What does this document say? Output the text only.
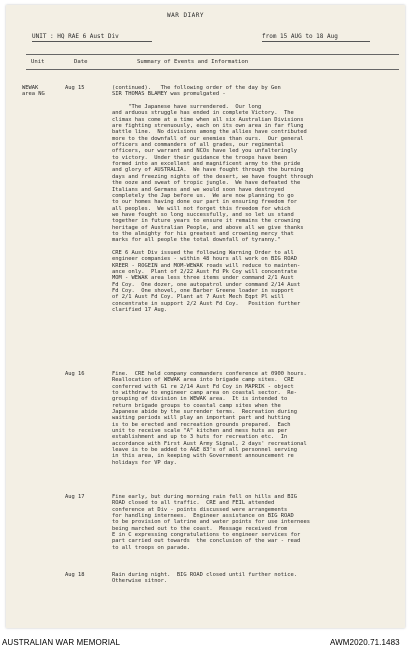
WAR DIARY
UNIT : HQ RAE 6 Aust Div	from 15 AUG to 18 Aug
Unit	Date	Summary of Events and Information
WEWAK
area NG
Aug 15	(continued).   The following order of the day by Gen
SIR THOMAS BLAMEY was promulgated -

"The Japanese have surrendered.  Our long
and arduous struggle has ended in complete Victory.  The
climax has come at a time when all six Australian Divisions
are fighting strenuously, each on its own area in far flung
battle line.  No divisions among the allies have contributed
more to the downfall of our enemies than ours.  Our general
officers and commanders of all grades, our regimental
officers, our warrant and NCOs have led you unfalteringly
to victory.  Under their guidance the troops have been
formed into an excellent and magnificent army to the pride
and glory of AUSTRALIA.  We have fought through the burning
days and freezing nights of the desert, we have fought through
the ooze and sweat of tropic jungle.  We have defeated the
Italians and Germans and we would soon have destroyed
completely the Jap before us.  We are now planning to go
to our homes having done our part in ensuring freedom for
all peoples.  We will not forget this freedom for which
we have fought so long successfully, and so let us stand
together in future years to ensure it remains the crowning
heritage of Australian People, and above all we give thanks
to the almighty for his greatest and crowning mercy that
marks for all people the total downfall of tyranny."

CRE 6 Aust Div issued the following Warning Order to all
engineer companies - within 48 hours all work on BIG ROAD
KREER - ROGEIN and MOM-WEWAK roads will reduce to mainten-
ance only.  Plant of 2/22 Aust Fd Pk Coy will concentrate
MOM - WEWAK area less three items under command 2/1 Aust
Fd Coy.  One dozer, one autopatrol under command 2/14 Aust
Fd Coy.  One shovel, one Barber Greene loader in support
of 2/1 Aust Fd Coy. Plant at 7 Aust Mech Eqpt Pl will
concentrate in support 2/2 Aust Fd Coy.   Position further
clarified 17 Aug.
Aug 16	Fine.  CRE held company commanders conference at 0900 hours.
Reallocation of WEWAK area into brigade camp sites.  CRE
conferred with G1 re 2/14 Aust Fd Coy in MAPRIK - object
to withdraw to engineer camp area on coastal sector.  Re-
grouping of division in WEWAK area.  It is intended to
return brigade groups to coastal camp sites when the
Japanese abide by the surrender terms.  Recreation during
waiting periods will play an important part and hutting
is to be erected and recreation grounds prepared.  Each
unit to receive scale "A" kitchen and mess huts as per
establishment and up to 3 huts for recreation etc.  In
accordance with First Aust Army Signal, 2 days' recreational
leave is to be added to A&E 83's of all personnel serving
in this area, in keeping with Government announcement re
holidays for VP day.
Aug 17	Fine early, but during morning rain fell on hills and BIG
ROAD closed to all traffic.  CRE and FEIL attended
conference at Div - points discussed were arrangements
for handling internees.  Engineer assistance on BIG ROAD
to be provision of latrine and water points for use internees
being marched out to the coast.  Message received from
E in C expressing congratulations to engineer services for
part carried out towards  the conclusion of the war - read
to all troops on parade.
Aug 18	Rain during night.  BIG ROAD closed until further notice.
Otherwise sitnor.
AUSTRALIAN WAR MEMORIAL	AWM2020.71.1483
